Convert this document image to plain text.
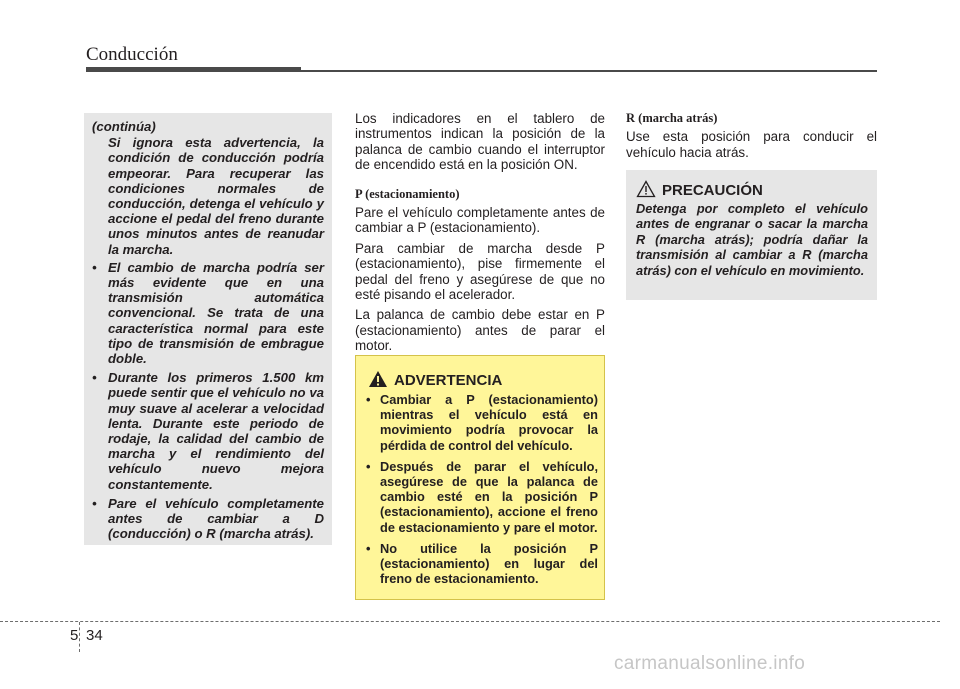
Conducción

(continúa)

Si ignora esta advertencia, la condición de conducción podría empeorar. Para recuperar las condiciones normales de conducción, detenga el vehículo y accione el pedal del freno durante unos minutos antes de reanudar la marcha.

• El cambio de marcha podría ser más evidente que en una transmisión automática convencional. Se trata de una característica normal para este tipo de transmisión de embrague doble.
• Durante los primeros 1.500 km puede sentir que el vehículo no va muy suave al acelerar a velocidad lenta. Durante este periodo de rodaje, la calidad del cambio de marcha y el rendimiento del vehículo nuevo mejora constantemente.
• Pare el vehículo completamente antes de cambiar a D (conducción) o R (marcha atrás).

Los indicadores en el tablero de instrumentos indican la posición de la palanca de cambio cuando el interruptor de encendido está en la posición ON.

P (estacionamiento)

Pare el vehículo completamente antes de cambiar a P (estacionamiento).

Para cambiar de marcha desde P (estacionamiento), pise firmemente el pedal del freno y asegúrese de que no esté pisando el acelerador.

La palanca de cambio debe estar en P (estacionamiento) antes de parar el motor.

ADVERTENCIA
• Cambiar a P (estacionamiento) mientras el vehículo está en movimiento podría provocar la pérdida de control del vehículo.
• Después de parar el vehículo, asegúrese de que la palanca de cambio esté en la posición P (estacionamiento), accione el freno de estacionamiento y pare el motor.
• No utilice la posición P (estacionamiento) en lugar del freno de estacionamiento.

R (marcha atrás)

Use esta posición para conducir el vehículo hacia atrás.

PRECAUCIÓN
Detenga por completo el vehículo antes de engranar o sacar la marcha R (marcha atrás); podría dañar la transmisión al cambiar a R (marcha atrás) con el vehículo en movimiento.
5 34
carmanualsonline.info
